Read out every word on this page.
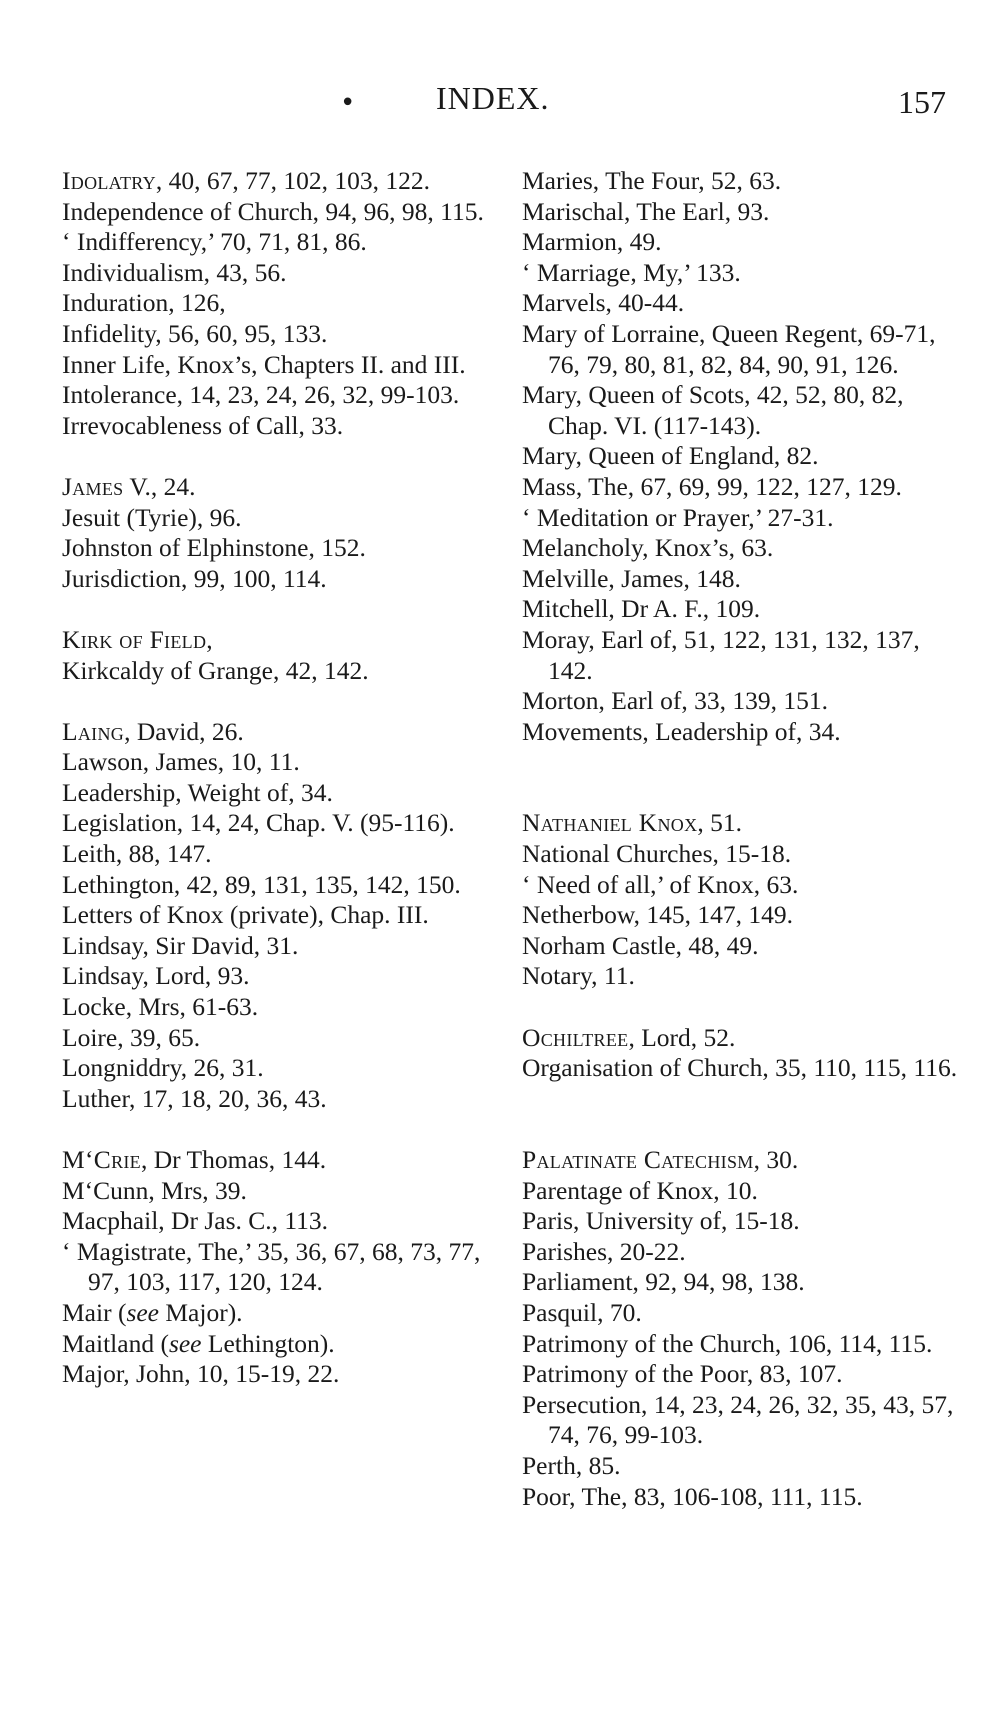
•	INDEX.	157
Idolatry, 40, 67, 77, 102, 103, 122.
Independence of Church, 94, 96, 98, 115.
‘ Indifferency,’ 70, 71, 81, 86.
Individualism, 43, 56.
Induration, 126,
Infidelity, 56, 60, 95, 133.
Inner Life, Knox’s, Chapters II. and III.
Intolerance, 14, 23, 24, 26, 32, 99-103.
Irrevocableness of Call, 33.
James V., 24.
Jesuit (Tyrie), 96.
Johnston of Elphinstone, 152.
Jurisdiction, 99, 100, 114.
Kirk of Field,
Kirkcaldy of Grange, 42, 142.
Laing, David, 26.
Lawson, James, 10, 11.
Leadership, Weight of, 34.
Legislation, 14, 24, Chap. V. (95-116).
Leith, 88, 147.
Lethington, 42, 89, 131, 135, 142, 150.
Letters of Knox (private), Chap. III.
Lindsay, Sir David, 31.
Lindsay, Lord, 93.
Locke, Mrs, 61-63.
Loire, 39, 65.
Longniddry, 26, 31.
Luther, 17, 18, 20, 36, 43.
M‘Crie, Dr Thomas, 144.
M‘Cunn, Mrs, 39.
Macphail, Dr Jas. C., 113.
‘ Magistrate, The,’ 35, 36, 67, 68, 73, 77, 97, 103, 117, 120, 124.
Mair (see Major).
Maitland (see Lethington).
Major, John, 10, 15-19, 22.
Maries, The Four, 52, 63.
Marischal, The Earl, 93.
Marmion, 49.
‘ Marriage, My,’ 133.
Marvels, 40-44.
Mary of Lorraine, Queen Regent, 69-71, 76, 79, 80, 81, 82, 84, 90, 91, 126.
Mary, Queen of Scots, 42, 52, 80, 82, Chap. VI. (117-143).
Mary, Queen of England, 82.
Mass, The, 67, 69, 99, 122, 127, 129.
‘ Meditation or Prayer,’ 27-31.
Melancholy, Knox’s, 63.
Melville, James, 148.
Mitchell, Dr A. F., 109.
Moray, Earl of, 51, 122, 131, 132, 137, 142.
Morton, Earl of, 33, 139, 151.
Movements, Leadership of, 34.
Nathaniel Knox, 51.
National Churches, 15-18.
‘ Need of all,’ of Knox, 63.
Netherbow, 145, 147, 149.
Norham Castle, 48, 49.
Notary, 11.
Ochiltree, Lord, 52.
Organisation of Church, 35, 110, 115, 116.
Palatinate Catechism, 30.
Parentage of Knox, 10.
Paris, University of, 15-18.
Parishes, 20-22.
Parliament, 92, 94, 98, 138.
Pasquil, 70.
Patrimony of the Church, 106, 114, 115.
Patrimony of the Poor, 83, 107.
Persecution, 14, 23, 24, 26, 32, 35, 43, 57, 74, 76, 99-103.
Perth, 85.
Poor, The, 83, 106-108, 111, 115.
